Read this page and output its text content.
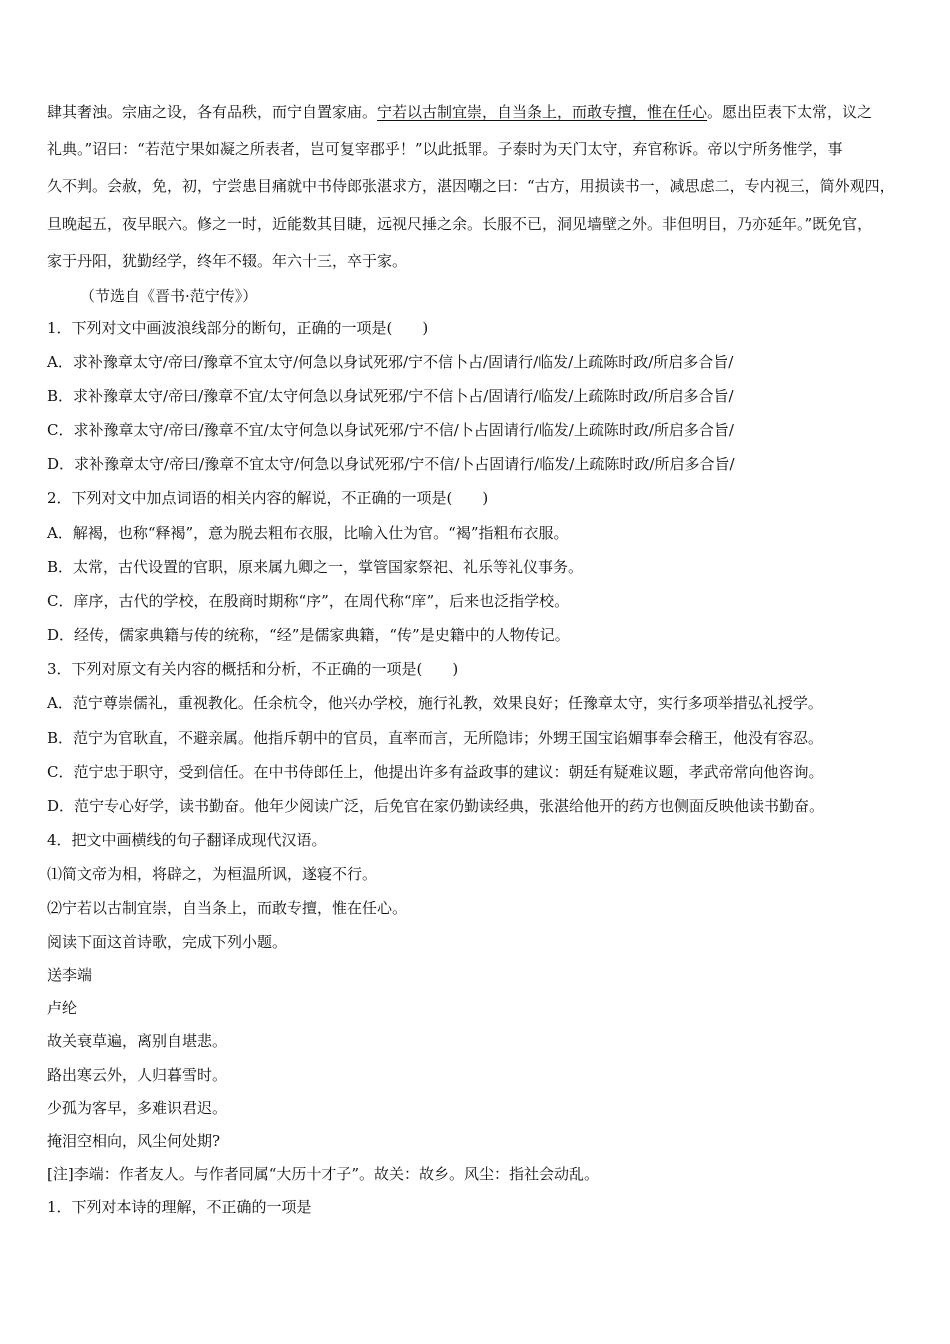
肆其奢浊。宗庙之设，各有品秩，而宁自置家庙。宁若以古制宜崇，自当条上，而敢专擅，惟在任心。愿出臣表下太常，议之
礼典。”诏曰：“若范宁果如凝之所表者，岂可复宰郡乎！”以此抵罪。子泰时为天门太守，弃官称诉。帝以宁所务惟学，事
久不判。会赦，免，初，宁尝患目痛就中书侍郎张湛求方，湛因嘲之曰：“古方，用损读书一，减思虑二，专内视三，简外观四，
旦晚起五，夜早眠六。修之一时，近能数其目睫，远视尺捶之余。长服不已，洞见墙壁之外。非但明目，乃亦延年。”既免官，
家于丹阳，犹勤经学，终年不辍。年六十三，卒于家。
（节选自《晋书·范宁传》）
1．下列对文中画波浪线部分的断句，正确的一项是(　　)
A．求补豫章太守/帝曰/豫章不宜太守/何急以身试死邪/宁不信卜占/固请行/临发/上疏陈时政/所启多合旨/
B．求补豫章太守/帝曰/豫章不宜/太守何急以身试死邪/宁不信卜占/固请行/临发/上疏陈时政/所启多合旨/
C．求补豫章太守/帝曰/豫章不宜/太守何急以身试死邪/宁不信/卜占固请行/临发/上疏陈时政/所启多合旨/
D．求补豫章太守/帝曰/豫章不宜太守/何急以身试死邪/宁不信/卜占固请行/临发/上疏陈时政/所启多合旨/
2．下列对文中加点词语的相关内容的解说，不正确的一项是(　　)
A．解褐，也称“释褐”，意为脱去粗布衣服，比喻入仕为官。“褐”指粗布衣服。
B．太常，古代设置的官职，原来属九卿之一，掌管国家祭祀、礼乐等礼仪事务。
C．庠序，古代的学校，在殷商时期称“序”，在周代称“庠”，后来也泛指学校。
D．经传，儒家典籍与传的统称，“经”是儒家典籍，“传”是史籍中的人物传记。
3．下列对原文有关内容的概括和分析，不正确的一项是(　　)
A．范宁尊崇儒礼，重视教化。任余杭令，他兴办学校，施行礼教，效果良好；任豫章太守，实行多项举措弘礼授学。
B．范宁为官耿直，不避亲属。他指斥朝中的官员，直率而言，无所隐讳；外甥王国宝谄媚事奉会稽王，他没有容忍。
C．范宁忠于职守，受到信任。在中书侍郎任上，他提出许多有益政事的建议：朝廷有疑难议题，孝武帝常向他咨询。
D．范宁专心好学，读书勤奋。他年少阅读广泛，后免官在家仍勤读经典，张湛给他开的药方也侧面反映他读书勤奋。
4．把文中画横线的句子翻译成现代汉语。
⑴简文帝为相，将辟之，为桓温所讽，遂寝不行。
⑵宁若以古制宜崇，自当条上，而敢专擅，惟在任心。
阅读下面这首诗歌，完成下列小题。
送李端
卢纶
故关衰草遍，离别自堪悲。
路出寒云外，人归暮雪时。
少孤为客早，多难识君迟。
掩泪空相向，风尘何处期?
[注]李端：作者友人。与作者同属“大历十才子”。故关：故乡。风尘：指社会动乱。
1．下列对本诗的理解，不正确的一项是
